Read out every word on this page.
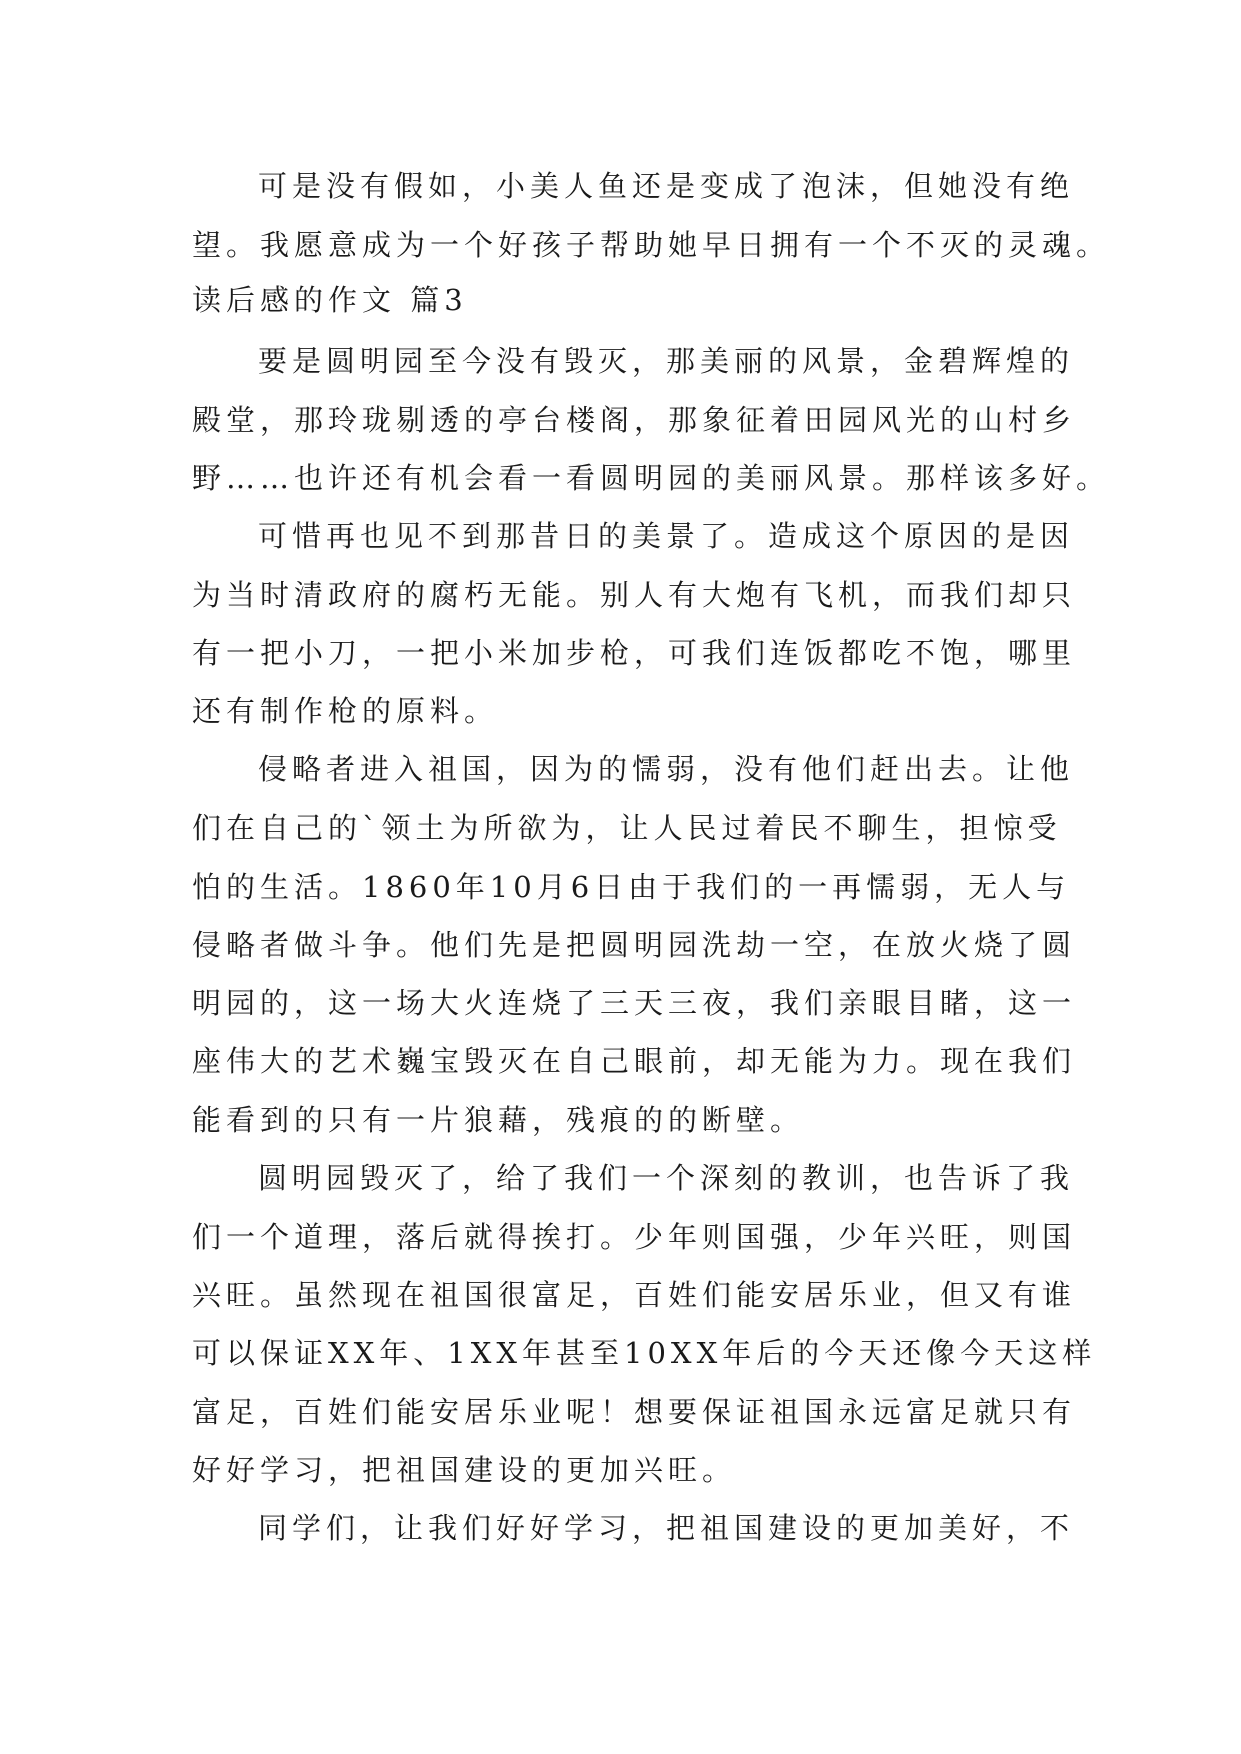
可是没有假如，小美人鱼还是变成了泡沫，但她没有绝
望。我愿意成为一个好孩子帮助她早日拥有一个不灭的灵魂。
读后感的作文 篇3
要是圆明园至今没有毁灭，那美丽的风景，金碧辉煌的
殿堂，那玲珑剔透的亭台楼阁，那象征着田园风光的山村乡
野……也许还有机会看一看圆明园的美丽风景。那样该多好。
可惜再也见不到那昔日的美景了。造成这个原因的是因
为当时清政府的腐朽无能。别人有大炮有飞机，而我们却只
有一把小刀，一把小米加步枪，可我们连饭都吃不饱，哪里
还有制作枪的原料。
侵略者进入祖国，因为的懦弱，没有他们赶出去。让他
们在自己的`领土为所欲为，让人民过着民不聊生，担惊受
怕的生活。1860年10月6日由于我们的一再懦弱，无人与
侵略者做斗争。他们先是把圆明园洗劫一空，在放火烧了圆
明园的，这一场大火连烧了三天三夜，我们亲眼目睹，这一
座伟大的艺术巍宝毁灭在自己眼前，却无能为力。现在我们
能看到的只有一片狼藉，残痕的的断壁。
圆明园毁灭了，给了我们一个深刻的教训，也告诉了我
们一个道理，落后就得挨打。少年则国强，少年兴旺，则国
兴旺。虽然现在祖国很富足，百姓们能安居乐业，但又有谁
可以保证XX年、1XX年甚至10XX年后的今天还像今天这样
富足，百姓们能安居乐业呢！想要保证祖国永远富足就只有
好好学习，把祖国建设的更加兴旺。
同学们，让我们好好学习，把祖国建设的更加美好，不
